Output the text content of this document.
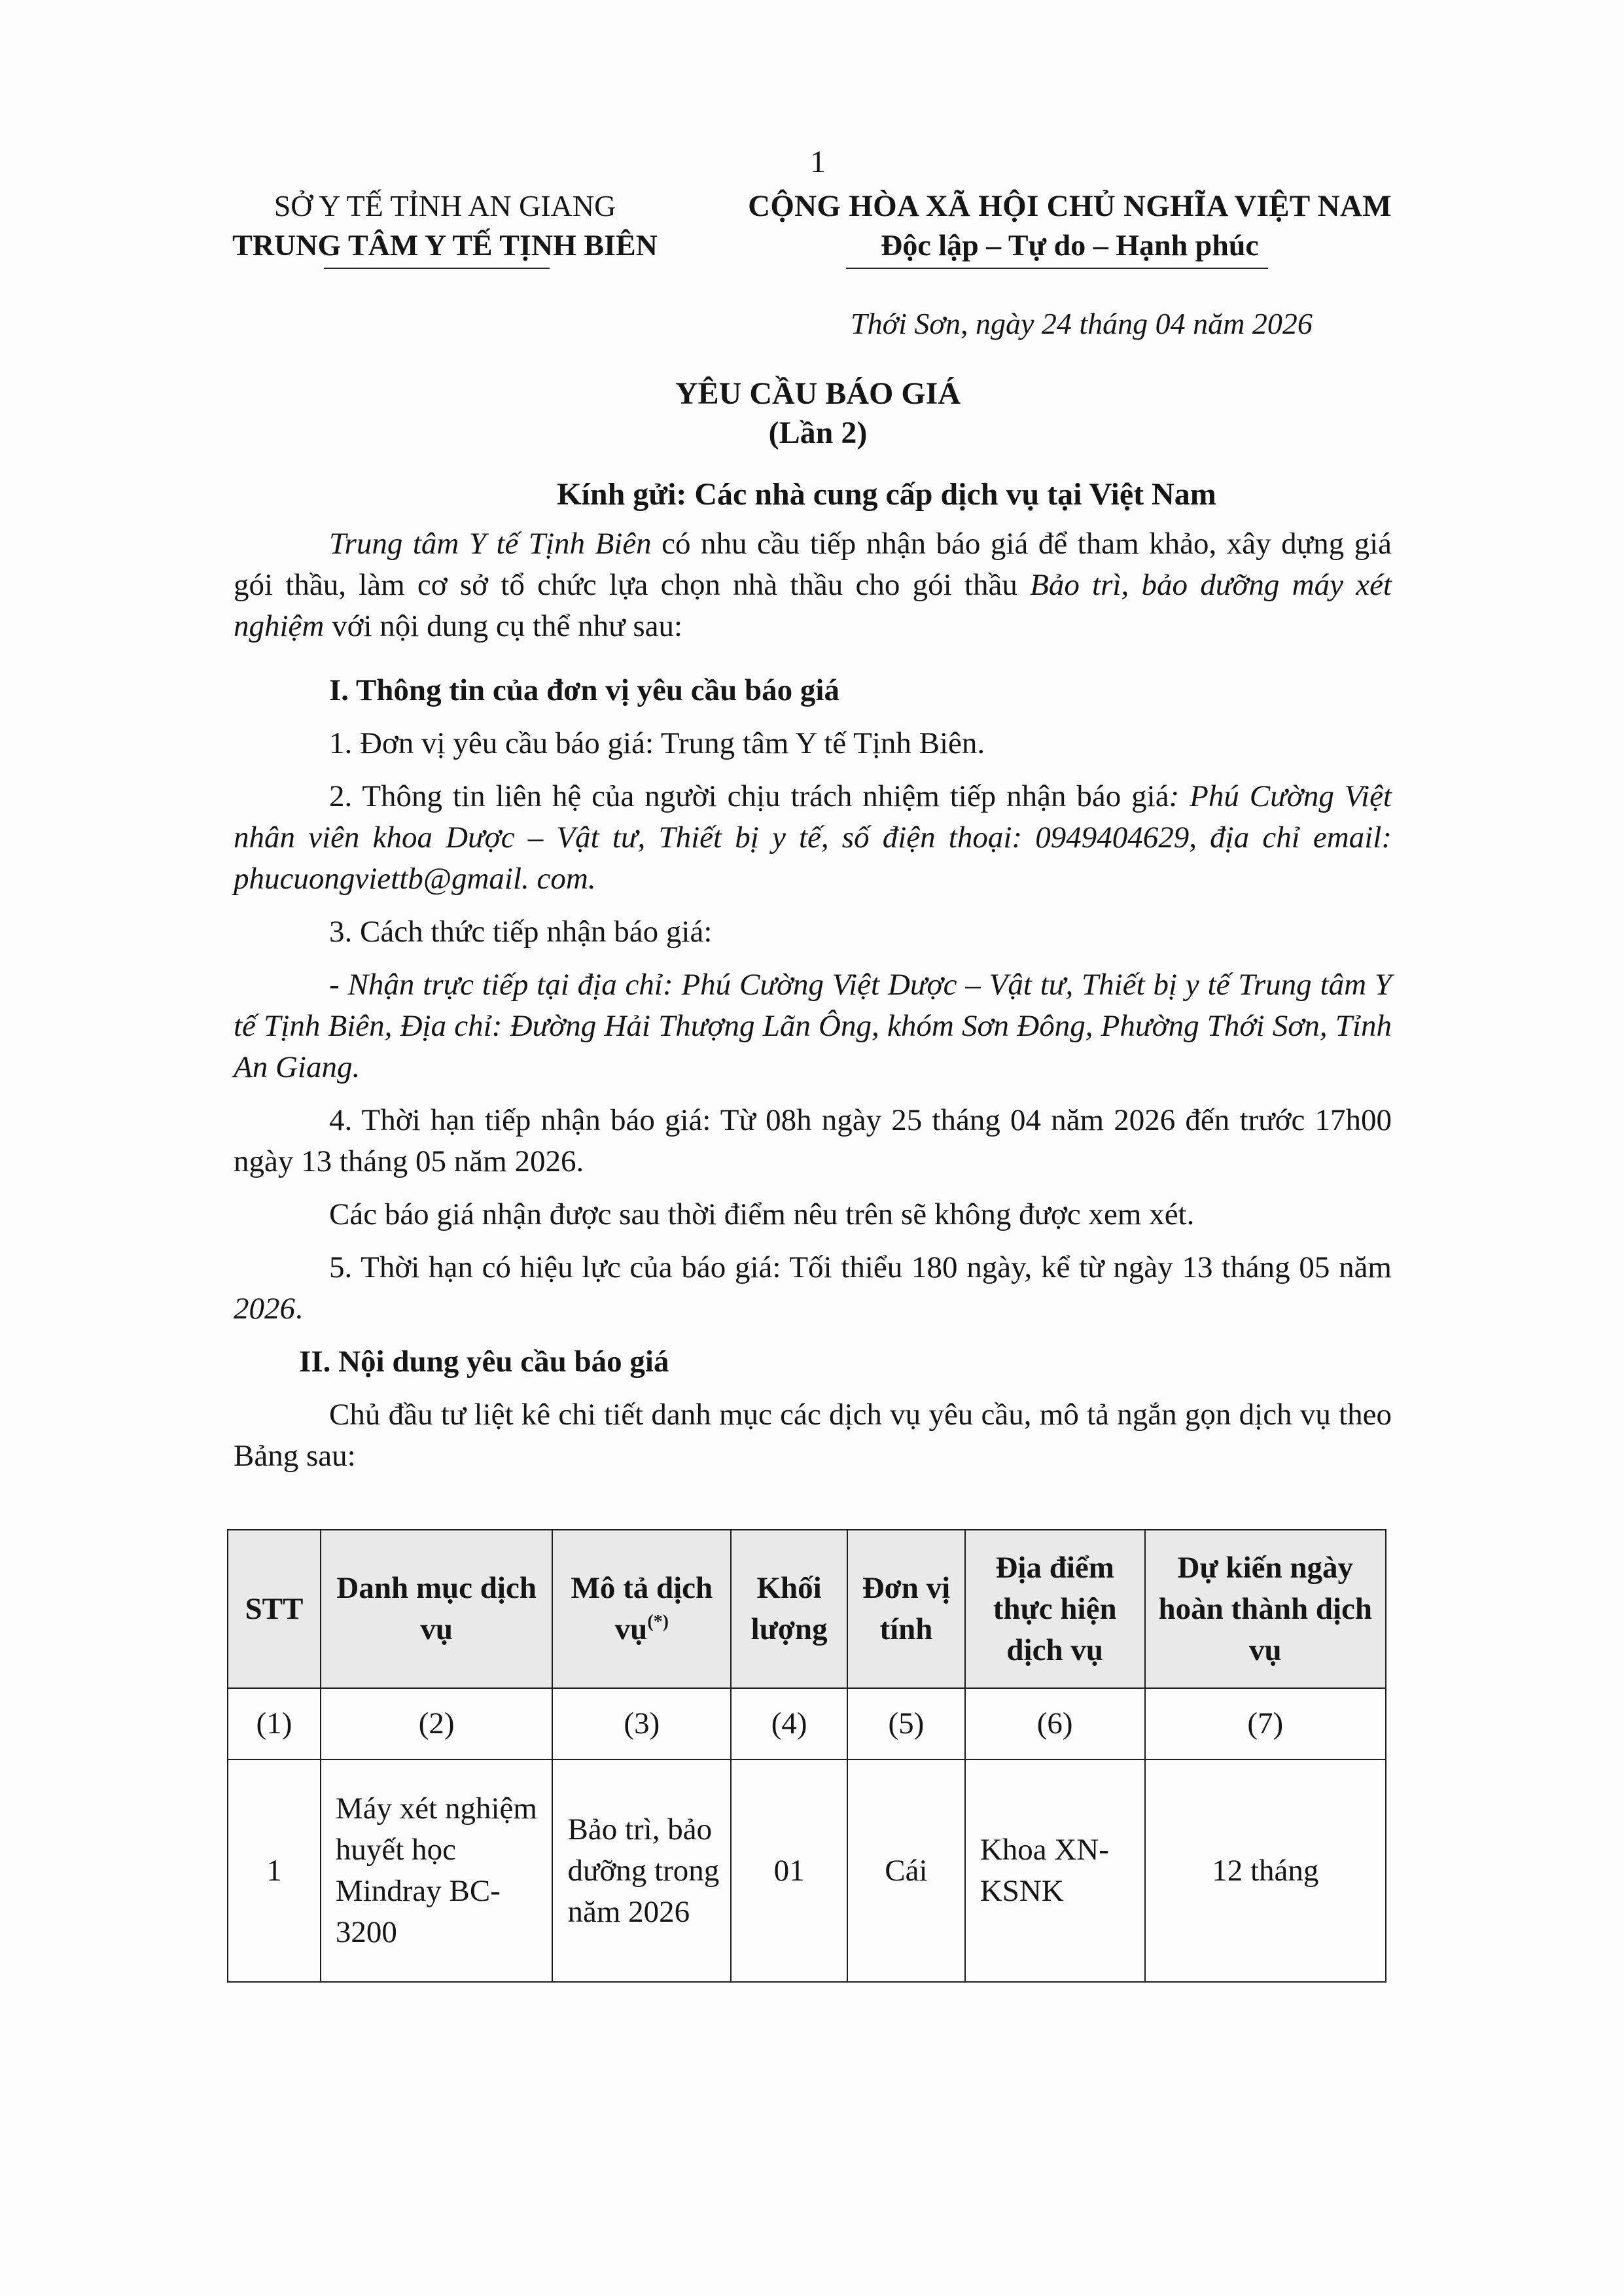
1
SỞ Y TẾ TỈNH AN GIANG
TRUNG TÂM Y TẾ TỊNH BIÊN
CỘNG HÒA XÃ HỘI CHỦ NGHĨA VIỆT NAM
Độc lập – Tự do – Hạnh phúc
Thới Sơn, ngày 24 tháng 04 năm 2026
YÊU CẦU BÁO GIÁ
(Lần 2)
Kính gửi: Các nhà cung cấp dịch vụ tại Việt Nam

Trung tâm Y tế Tịnh Biên có nhu cầu tiếp nhận báo giá để tham khảo, xây dựng giá gói thầu, làm cơ sở tổ chức lựa chọn nhà thầu cho gói thầu Bảo trì, bảo dưỡng máy xét nghiệm với nội dung cụ thể như sau:

I. Thông tin của đơn vị yêu cầu báo giá

1. Đơn vị yêu cầu báo giá: Trung tâm Y tế Tịnh Biên.

2. Thông tin liên hệ của người chịu trách nhiệm tiếp nhận báo giá: Phú Cường Việt nhân viên khoa Dược – Vật tư, Thiết bị y tế, số điện thoại: 0949404629, địa chỉ email: phucuongviettb@gmail. com.

3. Cách thức tiếp nhận báo giá:

- Nhận trực tiếp tại địa chỉ: Phú Cường Việt Dược – Vật tư, Thiết bị y tế Trung tâm Y tế Tịnh Biên, Địa chỉ: Đường Hải Thượng Lãn Ông, khóm Sơn Đông, Phường Thới Sơn, Tỉnh An Giang.

4. Thời hạn tiếp nhận báo giá: Từ 08h ngày 25 tháng 04 năm 2026 đến trước 17h00 ngày 13 tháng 05 năm 2026.

Các báo giá nhận được sau thời điểm nêu trên sẽ không được xem xét.

5. Thời hạn có hiệu lực của báo giá: Tối thiểu 180 ngày, kể từ ngày 13 tháng 05 năm 2026.

II. Nội dung yêu cầu báo giá

Chủ đầu tư liệt kê chi tiết danh mục các dịch vụ yêu cầu, mô tả ngắn gọn dịch vụ theo Bảng sau:

STT	Danh mục dịch vụ	Mô tả dịch vụ(*)	Khối lượng	Đơn vị tính	Địa điểm thực hiện dịch vụ	Dự kiến ngày hoàn thành dịch vụ
(1)	(2)	(3)	(4)	(5)	(6)	(7)
1	Máy xét nghiệm huyết học Mindray BC-3200	Bảo trì, bảo dưỡng trong năm 2026	01	Cái	Khoa XN-KSNK	12 tháng
